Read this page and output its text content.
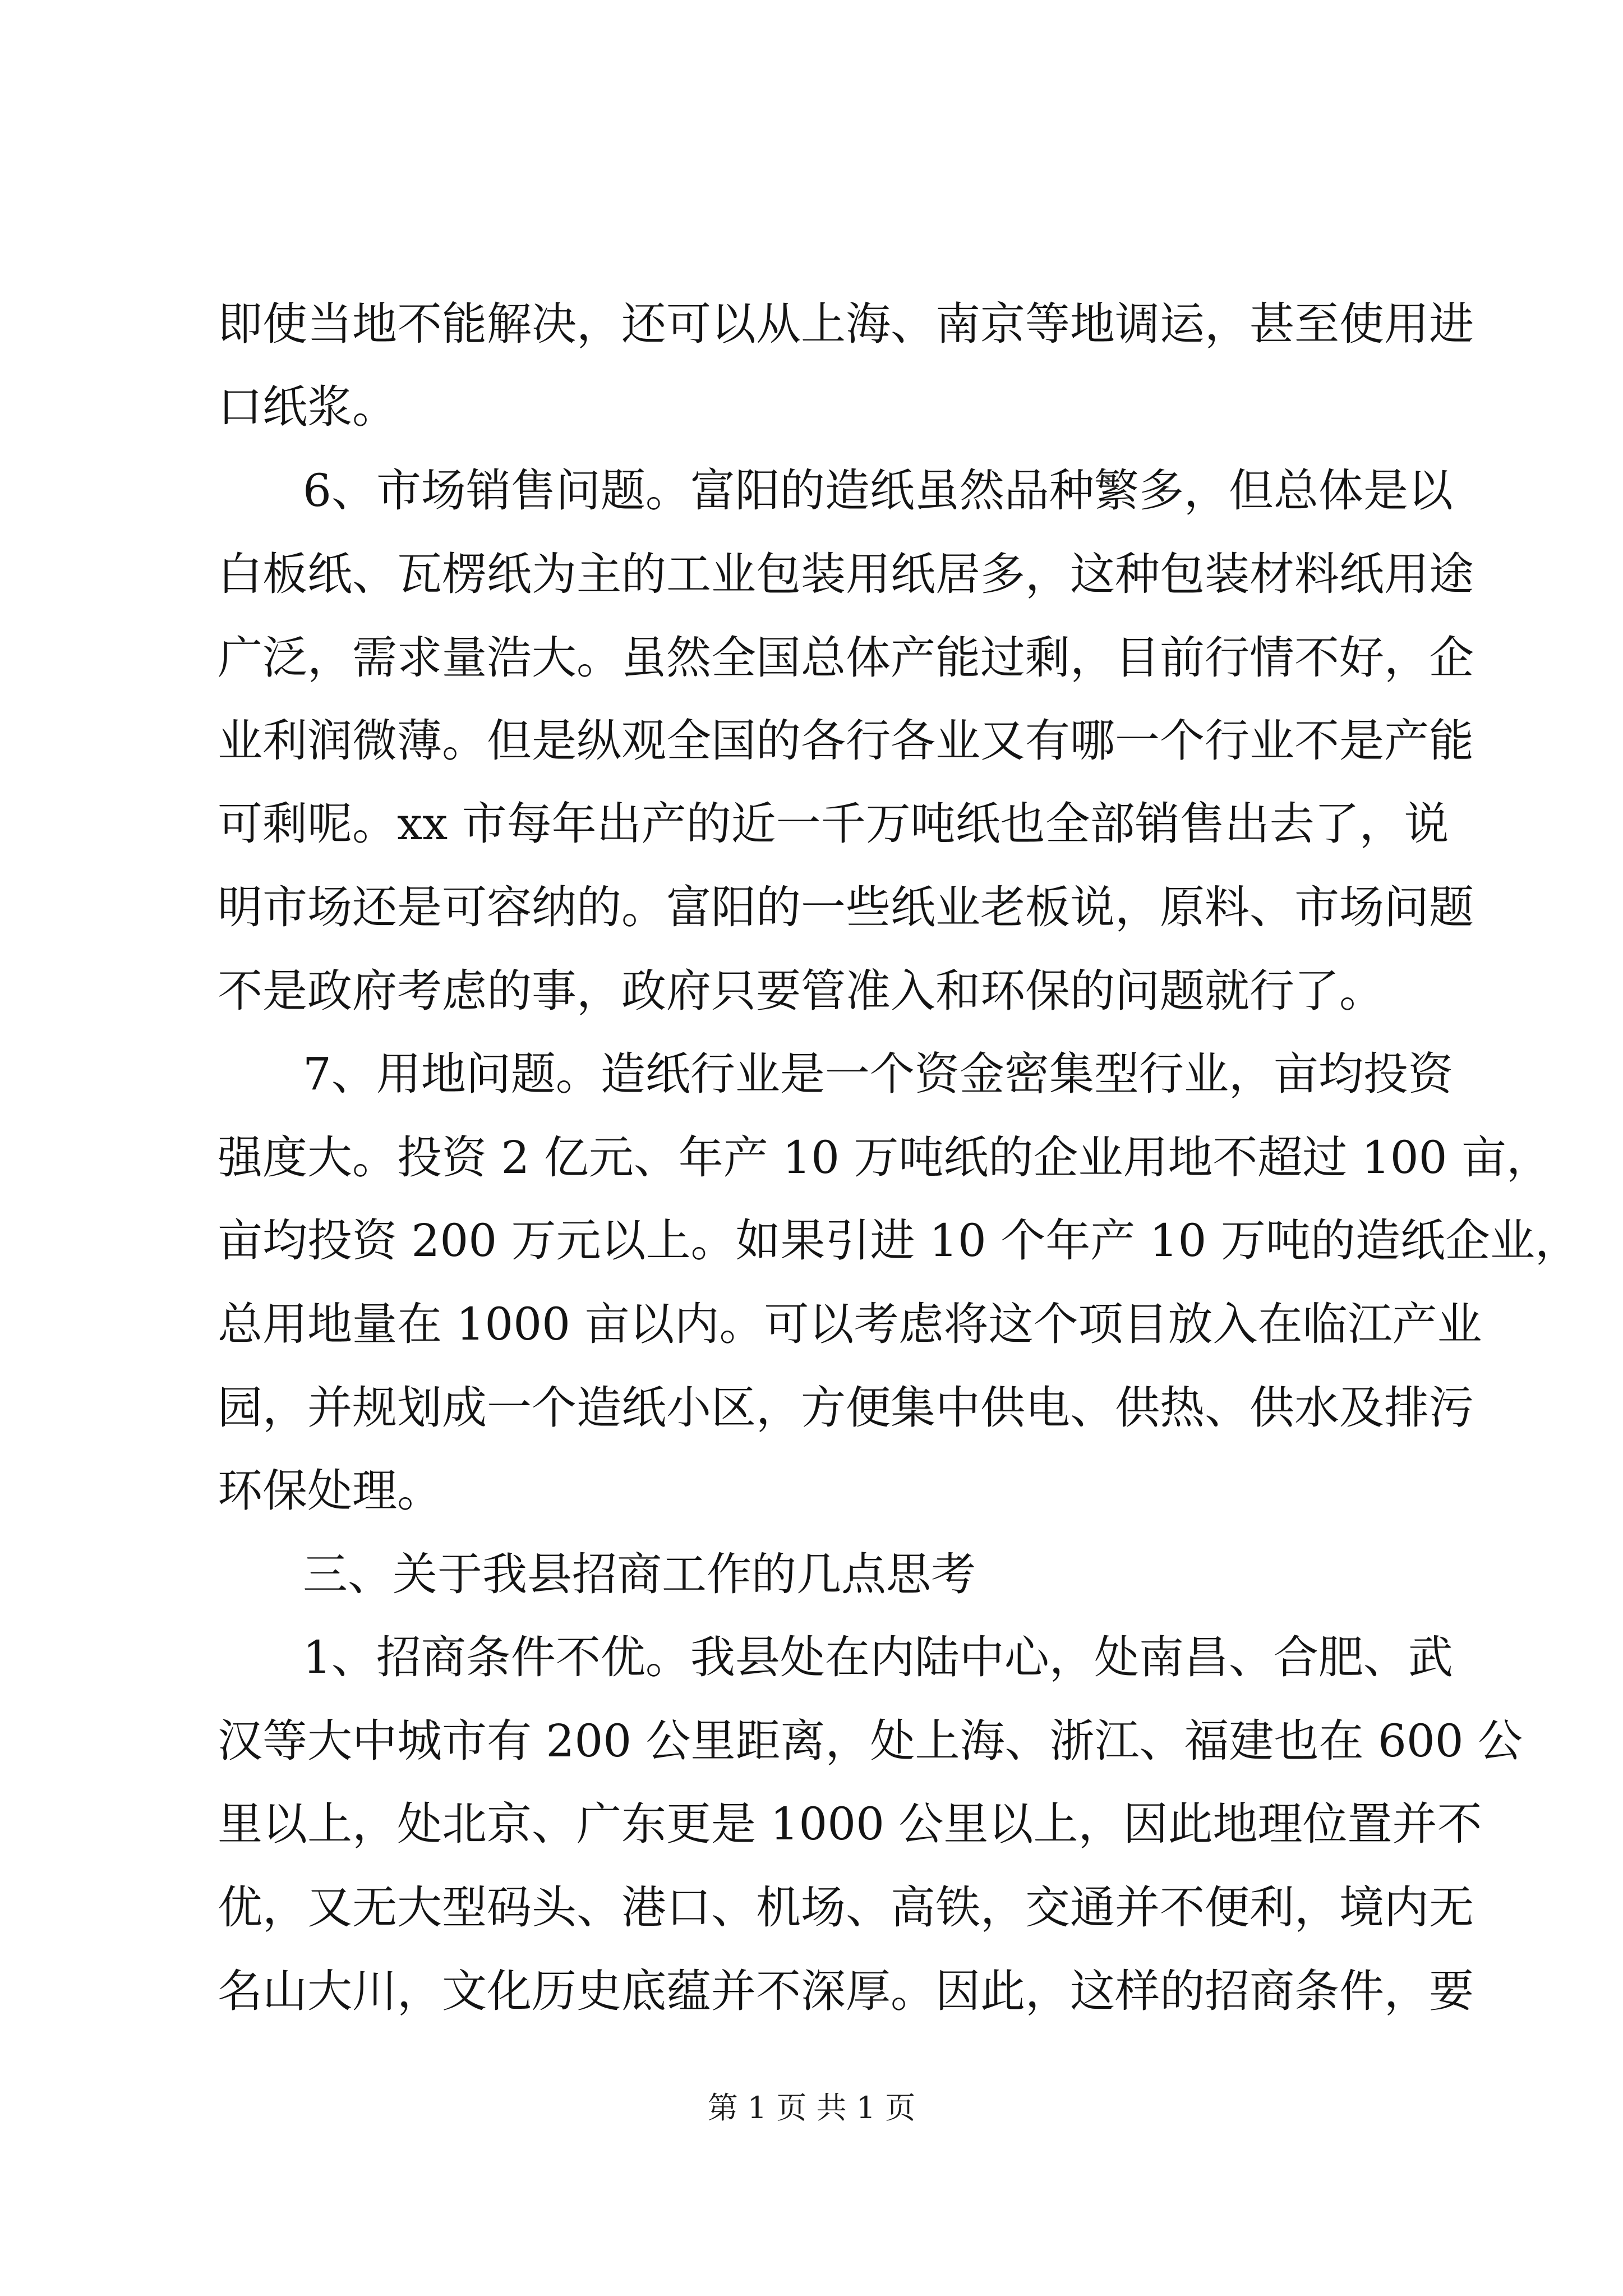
即使当地不能解决，还可以从上海、南京等地调运，甚至使用进
口纸浆。
6、市场销售问题。富阳的造纸虽然品种繁多，但总体是以
白板纸、瓦楞纸为主的工业包装用纸居多，这种包装材料纸用途
广泛，需求量浩大。虽然全国总体产能过剩，目前行情不好，企
业利润微薄。但是纵观全国的各行各业又有哪一个行业不是产能
可剩呢。xx 市每年出产的近一千万吨纸也全部销售出去了，说
明市场还是可容纳的。富阳的一些纸业老板说，原料、市场问题
不是政府考虑的事，政府只要管准入和环保的问题就行了。
7、用地问题。造纸行业是一个资金密集型行业，亩均投资
强度大。投资 2 亿元、年产 10 万吨纸的企业用地不超过 100 亩，
亩均投资 200 万元以上。如果引进 10 个年产 10 万吨的造纸企业，
总用地量在 1000 亩以内。可以考虑将这个项目放入在临江产业
园，并规划成一个造纸小区，方便集中供电、供热、供水及排污
环保处理。
三、关于我县招商工作的几点思考
1、招商条件不优。我县处在内陆中心，处南昌、合肥、武
汉等大中城市有 200 公里距离，处上海、浙江、福建也在 600 公
里以上，处北京、广东更是 1000 公里以上，因此地理位置并不
优，又无大型码头、港口、机场、高铁，交通并不便利，境内无
名山大川，文化历史底蕴并不深厚。因此，这样的招商条件，要
第 1 页 共 1 页
